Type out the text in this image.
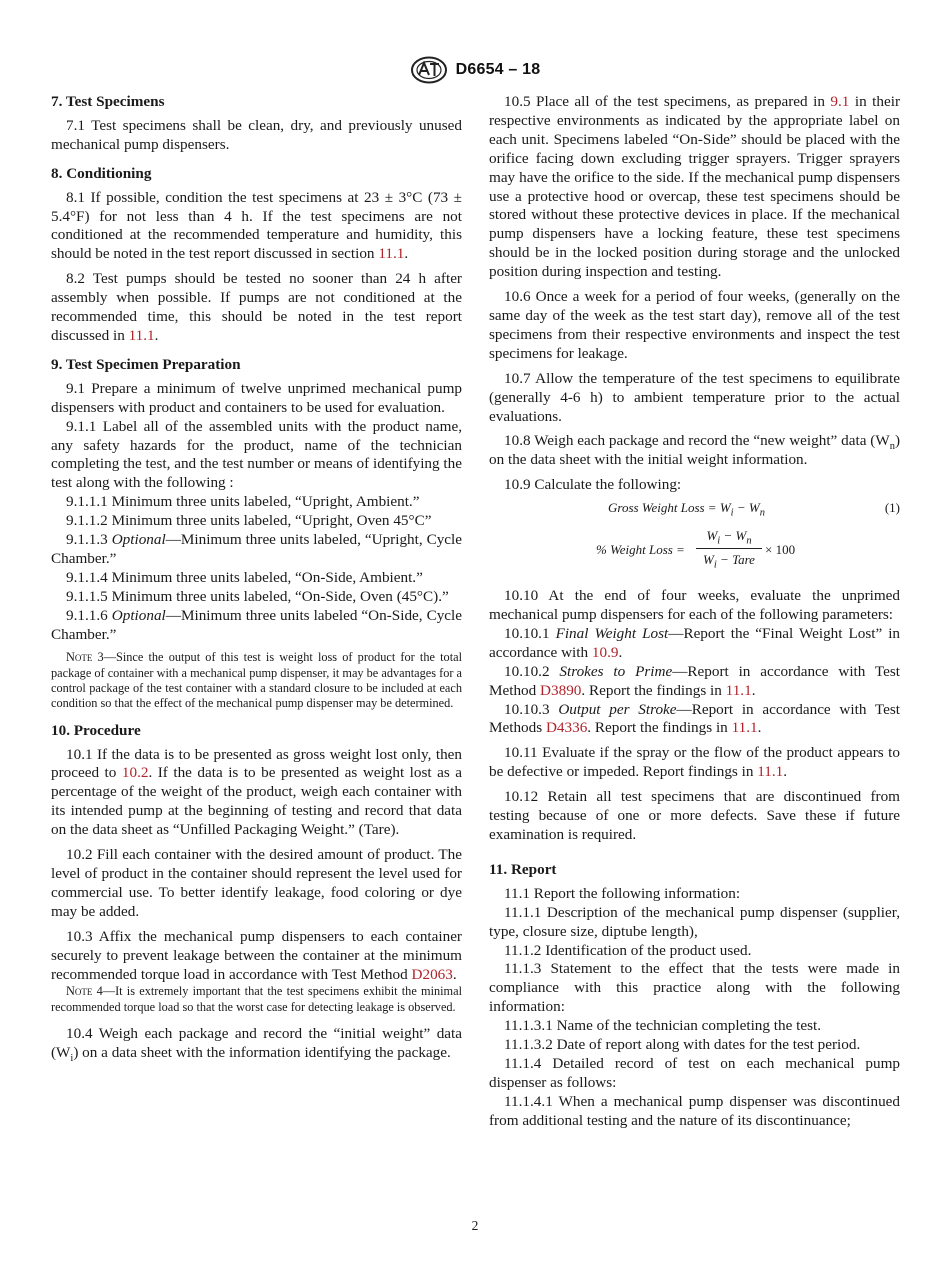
D6654 – 18
7. Test Specimens
7.1 Test specimens shall be clean, dry, and previously unused mechanical pump dispensers.
8. Conditioning
8.1 If possible, condition the test specimens at 23 ± 3°C (73 ± 5.4°F) for not less than 4 h. If the test specimens are not conditioned at the recommended temperature and humidity, this should be noted in the test report discussed in section 11.1.
8.2 Test pumps should be tested no sooner than 24 h after assembly when possible. If pumps are not conditioned at the recommended time, this should be noted in the test report discussed in 11.1.
9. Test Specimen Preparation
9.1 Prepare a minimum of twelve unprimed mechanical pump dispensers with product and containers to be used for evaluation.
9.1.1 Label all of the assembled units with the product name, any safety hazards for the product, name of the technician completing the test, and the test number or means of identifying the test along with the following :
9.1.1.1 Minimum three units labeled, “Upright, Ambient.”
9.1.1.2 Minimum three units labeled, “Upright, Oven 45°C”
9.1.1.3 Optional—Minimum three units labeled, “Upright, Cycle Chamber.”
9.1.1.4 Minimum three units labeled, “On-Side, Ambient.”
9.1.1.5 Minimum three units labeled, “On-Side, Oven (45°C).”
9.1.1.6 Optional—Minimum three units labeled “On-Side, Cycle Chamber.”
Note 3—Since the output of this test is weight loss of product for the total package of container with a mechanical pump dispenser, it may be advantages for a control package of the test container with a standard closure to be included at each condition so that the effect of the mechanical pump dispenser may be determined.
10. Procedure
10.1 If the data is to be presented as gross weight lost only, then proceed to 10.2. If the data is to be presented as weight lost as a percentage of the weight of the product, weigh each container with its intended pump at the beginning of testing and record that data on the data sheet as “Unfilled Packaging Weight.” (Tare).
10.2 Fill each container with the desired amount of product. The level of product in the container should represent the level used for commercial use. To better identify leakage, food coloring or dye may be added.
10.3 Affix the mechanical pump dispensers to each container securely to prevent leakage between the container at the minimum recommended torque load in accordance with Test Method D2063.
Note 4—It is extremely important that the test specimens exhibit the minimal recommended torque load so that the worst case for detecting leakage is observed.
10.4 Weigh each package and record the “initial weight” data $(W_i)$ on a data sheet with the information identifying the package.
10.5 Place all of the test specimens, as prepared in 9.1 in their respective environments as indicated by the appropriate label on each unit. Specimens labeled “On-Side” should be placed with the orifice facing down excluding trigger sprayers. Trigger sprayers may have the orifice to the side. If the mechanical pump dispensers use a protective hood or overcap, these test specimens should be stored without these protective devices in place. If the mechanical pump dispensers have a locking feature, these test specimens should be in the locked position during storage and the unlocked position during inspection and testing.
10.6 Once a week for a period of four weeks, (generally on the same day of the week as the test start day), remove all of the test specimens from their respective environments and inspect the test specimens for leakage.
10.7 Allow the temperature of the test specimens to equilibrate (generally 4-6 h) to ambient temperature prior to the actual evaluations.
10.8 Weigh each package and record the “new weight” data $(W_n)$ on the data sheet with the initial weight information.
10.9 Calculate the following:
Gross Weight Loss = $W_i - W_n$	(1)
% Weight Loss =
$W_i - W_n$
$W_i$ − Tare
× 100
10.10 At the end of four weeks, evaluate the unprimed mechanical pump dispensers for each of the following parameters:
10.10.1 Final Weight Lost—Report the “Final Weight Lost” in accordance with 10.9.
10.10.2 Strokes to Prime—Report in accordance with Test Method D3890. Report the findings in 11.1.
10.10.3 Output per Stroke—Report in accordance with Test Methods D4336. Report the findings in 11.1.
10.11 Evaluate if the spray or the flow of the product appears to be defective or impeded. Report findings in 11.1.
10.12 Retain all test specimens that are discontinued from testing because of one or more defects. Save these if future examination is required.
11. Report
11.1 Report the following information:
11.1.1 Description of the mechanical pump dispenser (supplier, type, closure size, diptube length),
11.1.2 Identification of the product used.
11.1.3 Statement to the effect that the tests were made in compliance with this practice along with the following information:
11.1.3.1 Name of the technician completing the test.
11.1.3.2 Date of report along with dates for the test period.
11.1.4 Detailed record of test on each mechanical pump dispenser as follows:
11.1.4.1 When a mechanical pump dispenser was discontinued from additional testing and the nature of its discontinuance;
2
